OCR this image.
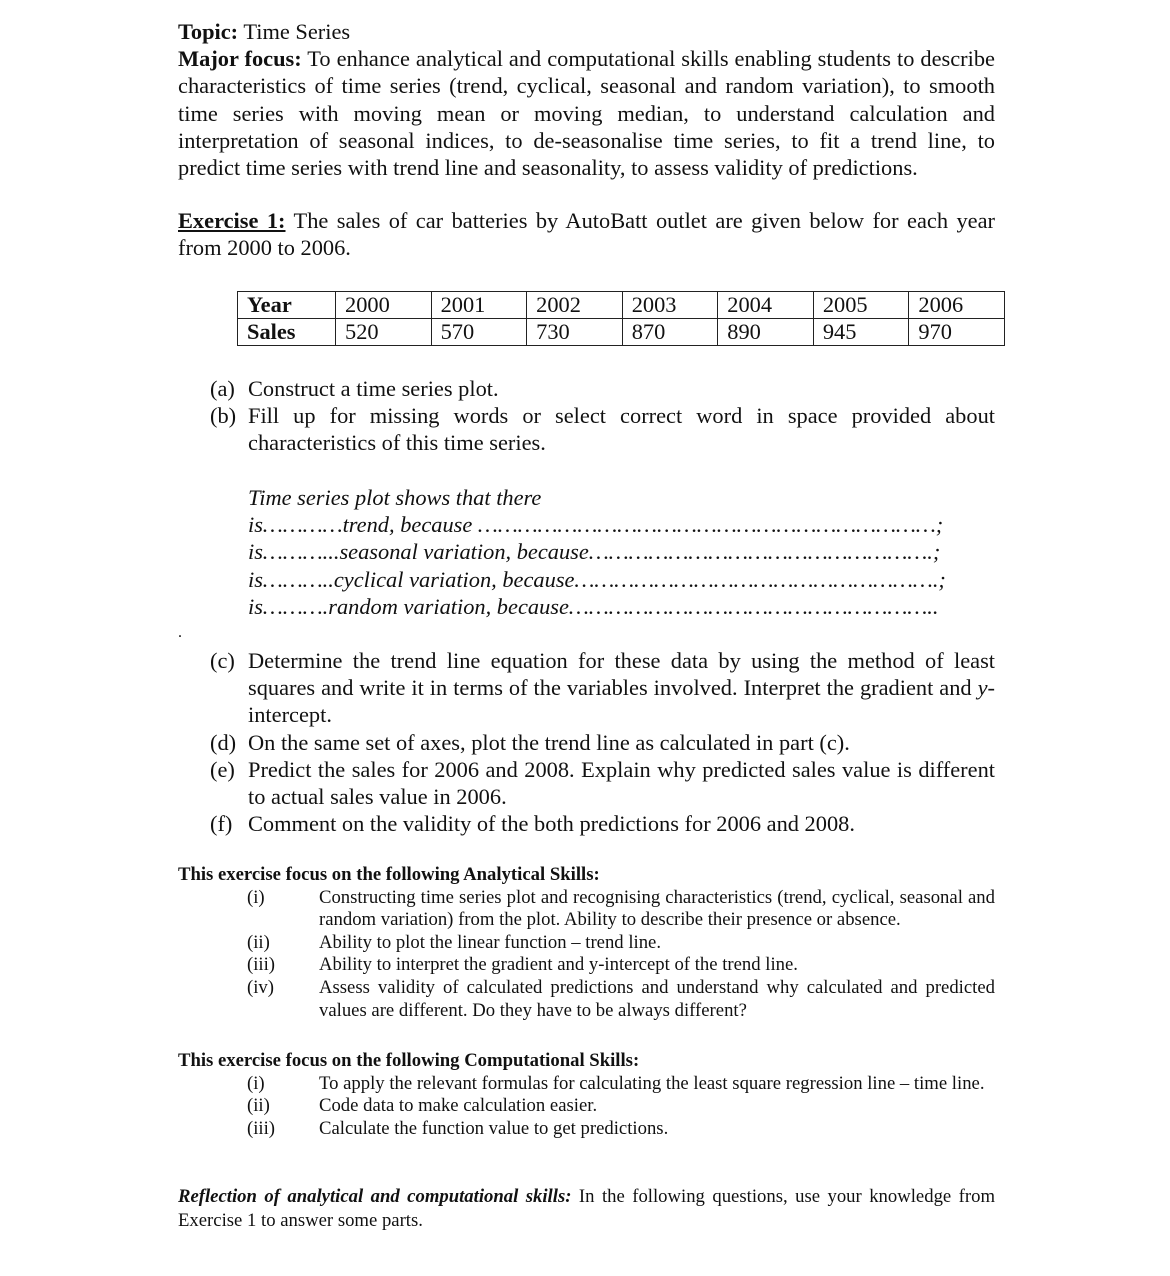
Topic: Time Series

Major focus: To enhance analytical and computational skills enabling students to describe characteristics of time series (trend, cyclical, seasonal and random variation), to smooth time series with moving mean or moving median, to understand calculation and interpretation of seasonal indices, to de-seasonalise time series, to fit a trend line, to predict time series with trend line and seasonality, to assess validity of predictions.

Exercise 1: The sales of car batteries by AutoBatt outlet are given below for each year from 2000 to 2006.

Year	2000	2001	2002	2003	2004	2005	2006
Sales	520	570	730	870	890	945	970
(a) Construct a time series plot.
(b) Fill up for missing words or select correct word in space provided about characteristics of this time series.
Time series plot shows that there
is…………trend, because ……………………………………………………………;
is………...seasonal variation, because…………………………………………….;
is………..cyclical variation, because……………………………………………….;
is……….random variation, because………………………………………………..
.
(c) Determine the trend line equation for these data by using the method of least squares and write it in terms of the variables involved. Interpret the gradient and y-intercept.
(d) On the same set of axes, plot the trend line as calculated in part (c).
(e) Predict the sales for 2006 and 2008. Explain why predicted sales value is different to actual sales value in 2006.
(f) Comment on the validity of the both predictions for 2006 and 2008.
This exercise focus on the following Analytical Skills:
(i)	Constructing time series plot and recognising characteristics (trend, cyclical, seasonal and random variation) from the plot. Ability to describe their presence or absence.
(ii)	Ability to plot the linear function – trend line.
(iii)	Ability to interpret the gradient and y-intercept of the trend line.
(iv)	Assess validity of calculated predictions and understand why calculated and predicted values are different. Do they have to be always different?
This exercise focus on the following Computational Skills:
(i)	To apply the relevant formulas for calculating the least square regression line – time line.
(ii)	Code data to make calculation easier.
(iii)	Calculate the function value to get predictions.
Reflection of analytical and computational skills: In the following questions, use your knowledge from Exercise 1 to answer some parts.
